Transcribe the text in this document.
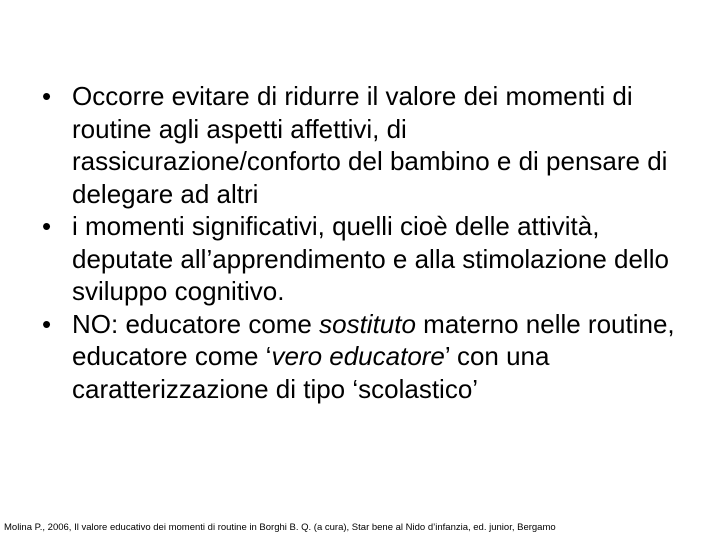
• Occorre evitare di ridurre il valore dei momenti di routine agli aspetti affettivi, di rassicurazione/conforto del bambino e di pensare di delegare ad altri
• i momenti significativi, quelli cioè delle attività, deputate all’apprendimento e alla stimolazione dello sviluppo cognitivo.
• NO: educatore come sostituto materno nelle routine, educatore come ‘vero educatore’ con una caratterizzazione di tipo ‘scolastico’
Molina P., 2006, Il valore educativo dei momenti di routine in Borghi B. Q. (a cura), Star bene al Nido d’infanzia, ed. junior, Bergamo
